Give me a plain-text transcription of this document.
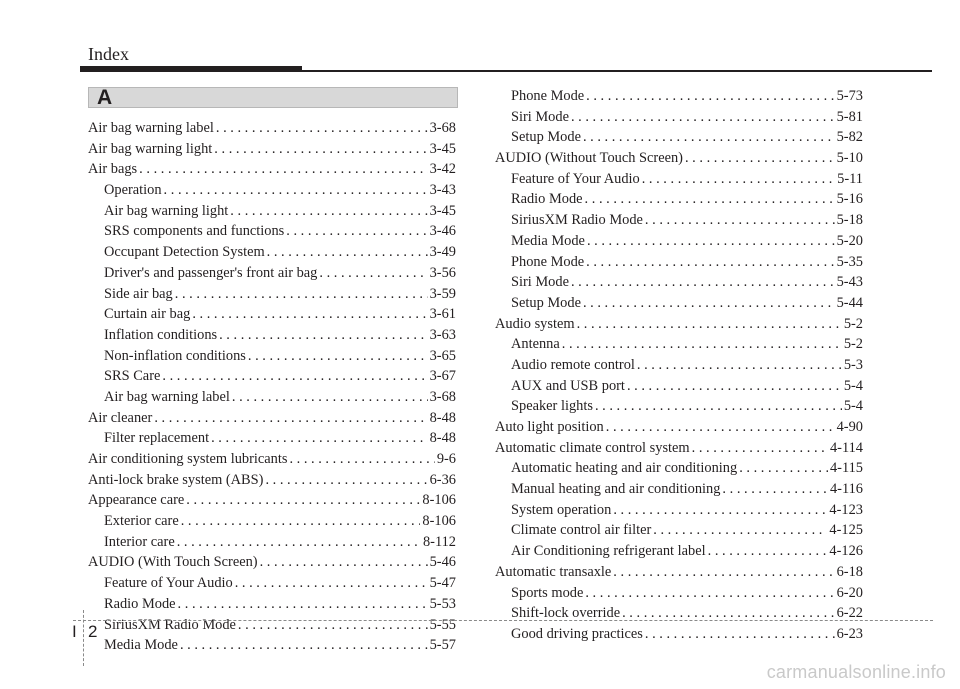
Index
A
Air bag warning label . . .	3-68
Air bag warning light . . .	3-45
Air bags . . .	3-42
Operation . . .	3-43
Air bag warning light . . .	3-45
SRS components and functions . . .	3-46
Occupant Detection System . . .	3-49
Driver's and passenger's front air bag . . .	3-56
Side air bag . . .	3-59
Curtain air bag . . .	3-61
Inflation conditions . . .	3-63
Non-inflation conditions . . .	3-65
SRS Care . . .	3-67
Air bag warning label . . .	3-68
Air cleaner . . .	8-48
Filter replacement . . .	8-48
Air conditioning system lubricants . . .	9-6
Anti-lock brake system (ABS) . . .	6-36
Appearance care . . .	8-106
Exterior care . . .	8-106
Interior care . . .	8-112
AUDIO (With Touch Screen) . . .	5-46
Feature of Your Audio . . .	5-47
Radio Mode . . .	5-53
SiriusXM Radio Mode . . .	5-55
Media Mode . . .	5-57
Phone Mode . . .	5-73
Siri Mode . . .	5-81
Setup Mode . . .	5-82
AUDIO (Without Touch Screen) . . .	5-10
Feature of Your Audio . . .	5-11
Radio Mode . . .	5-16
SiriusXM Radio Mode . . .	5-18
Media Mode . . .	5-20
Phone Mode . . .	5-35
Siri Mode . . .	5-43
Setup Mode . . .	5-44
Audio system . . .	5-2
Antenna . . .	5-2
Audio remote control . . .	5-3
AUX and USB port . . .	5-4
Speaker lights . . .	5-4
Auto light position . . .	4-90
Automatic climate control system . . .	4-114
Automatic heating and air conditioning . . .	4-115
Manual heating and air conditioning . . .	4-116
System operation . . .	4-123
Climate control air filter . . .	4-125
Air Conditioning refrigerant label . . .	4-126
Automatic transaxle . . .	6-18
Sports mode . . .	6-20
Shift-lock override . . .	6-22
Good driving practices . . .	6-23
I 2
carmanualsonline.info
